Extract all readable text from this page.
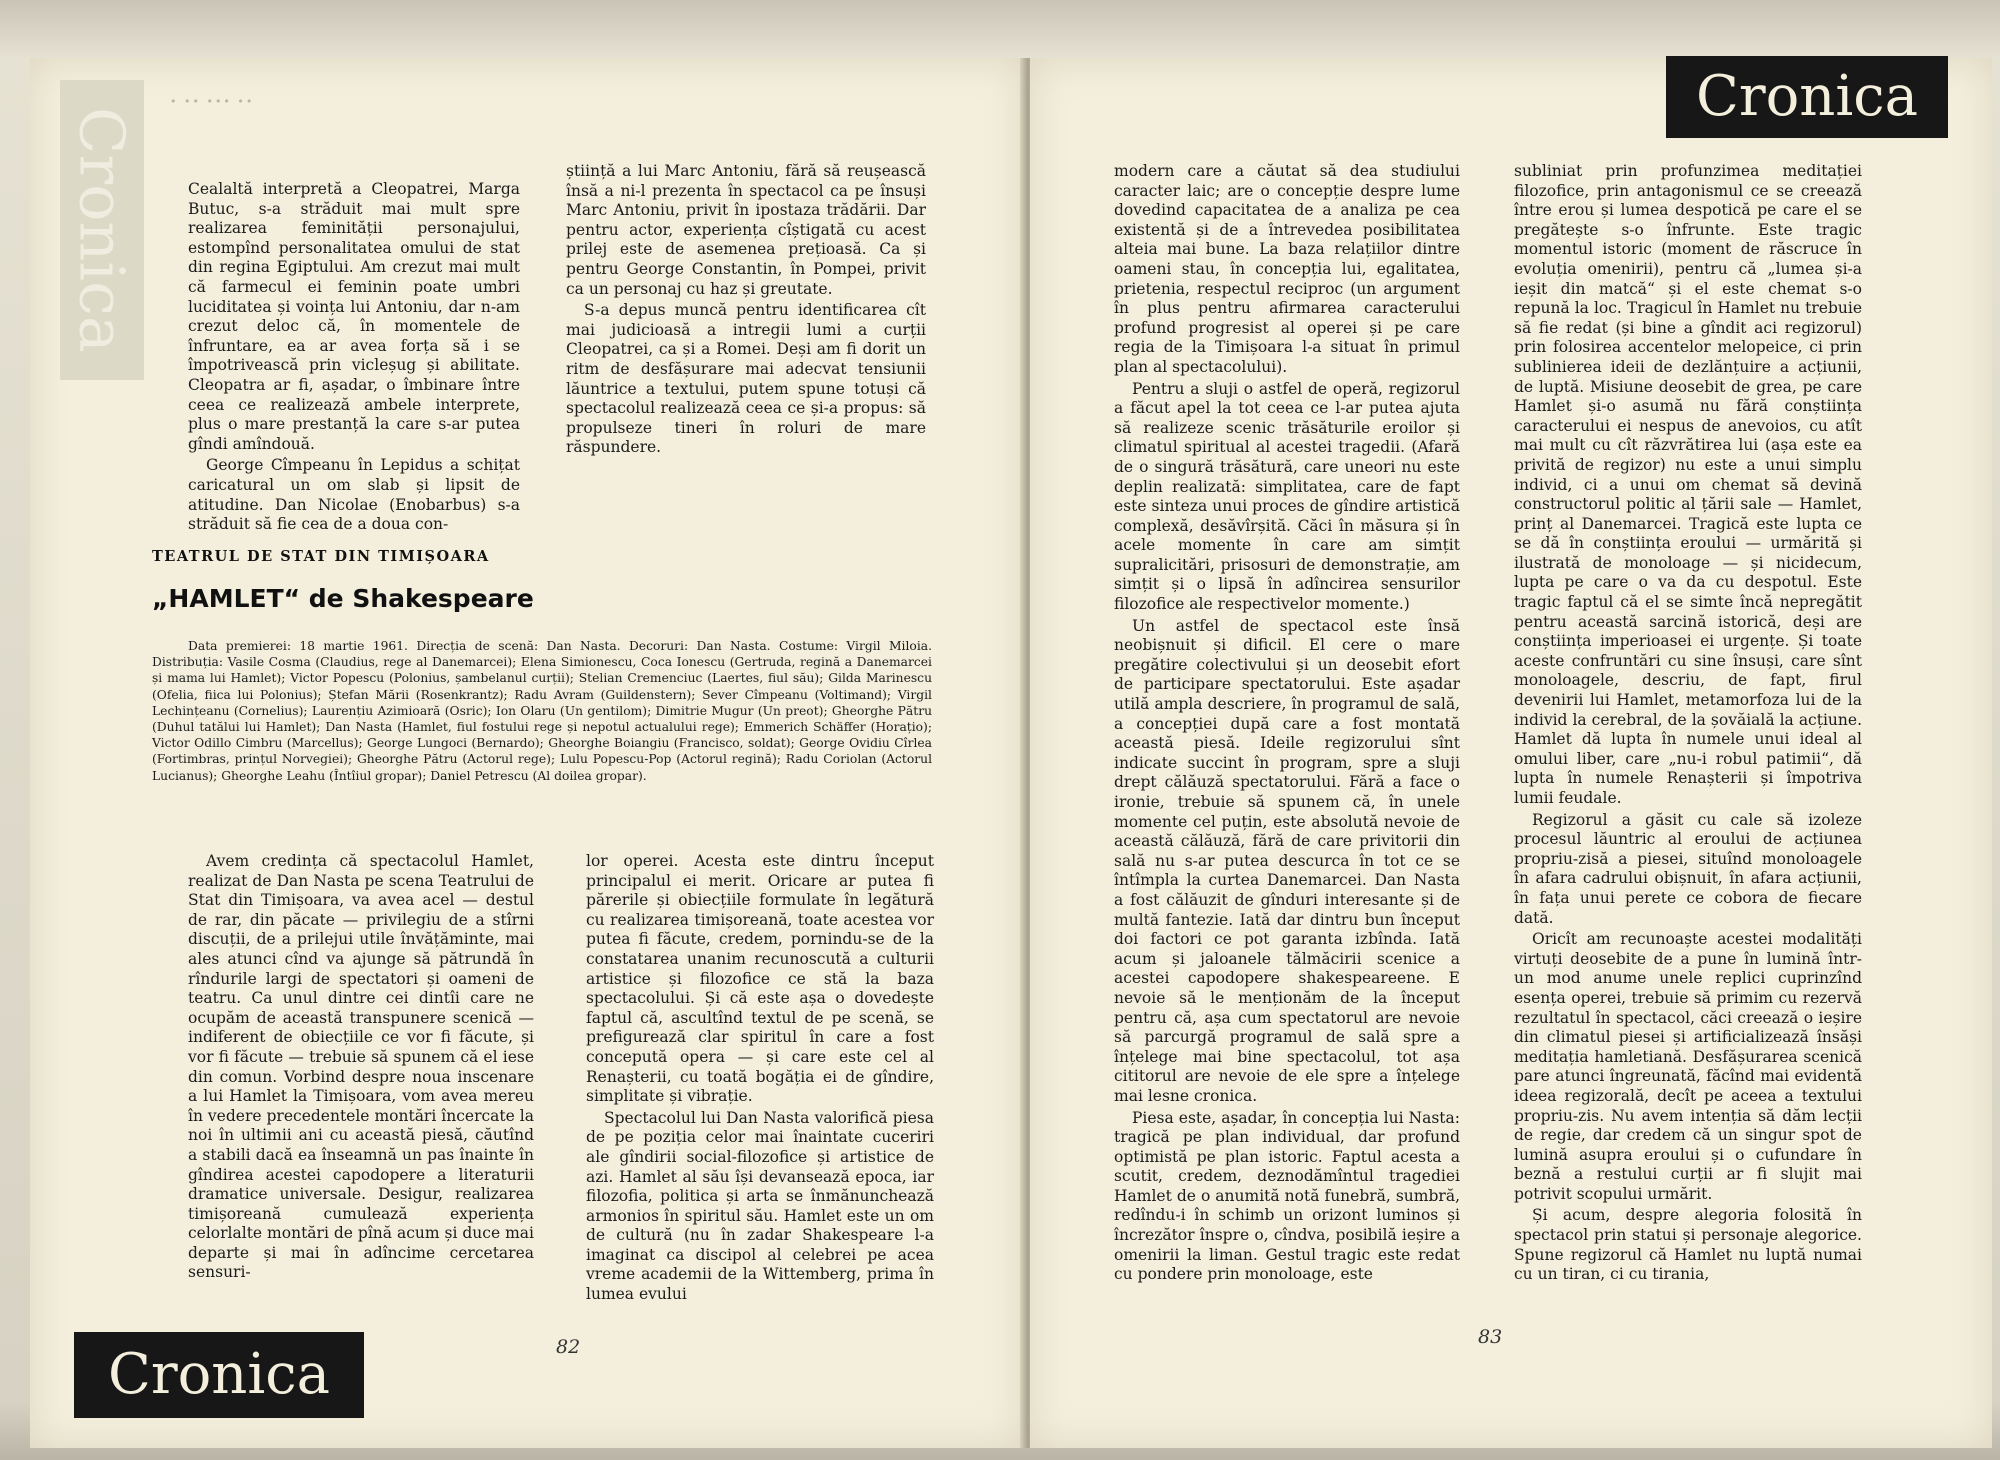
Cronica
• •• ••• ••

Cealaltă interpretă a Cleopatrei, Marga Butuc, s-a străduit mai mult spre realizarea feminității personajului, estompînd personalitatea omului de stat din regina Egiptului. Am crezut mai mult că farmecul ei feminin poate umbri luciditatea și voința lui Antoniu, dar n-am crezut deloc că, în momentele de înfruntare, ea ar avea forța să i se împotrivească prin vicleșug și abilitate. Cleopatra ar fi, așadar, o îmbinare între ceea ce realizează ambele interprete, plus o mare prestanță la care s-ar putea gîndi amîndouă.

George Cîmpeanu în Lepidus a schițat caricatural un om slab și lipsit de atitudine. Dan Nicolae (Enobarbus) s-a străduit să fie cea de a doua con-

știință a lui Marc Antoniu, fără să reușească însă a ni-l prezenta în spectacol ca pe însuși Marc Antoniu, privit în ipostaza trădării. Dar pentru actor, experiența cîștigată cu acest prilej este de asemenea prețioasă. Ca și pentru George Constantin, în Pompei, privit ca un personaj cu haz și greutate.

S-a depus muncă pentru identificarea cît mai judicioasă a intregii lumi a curții Cleopatrei, ca și a Romei. Deși am fi dorit un ritm de desfășurare mai adecvat tensiunii lăuntrice a textului, putem spune totuși că spectacolul realizează ceea ce și-a propus: să propulseze tineri în roluri de mare răspundere.

TEATRUL DE STAT DIN TIMIȘOARA
„HAMLET“ de Shakespeare
Data premierei: 18 martie 1961. Direcția de scenă: Dan Nasta. Decoruri: Dan Nasta. Costume: Virgil Miloia. Distribuția: Vasile Cosma (Claudius, rege al Danemarcei); Elena Simionescu, Coca Ionescu (Gertruda, regină a Danemarcei și mama lui Hamlet); Victor Popescu (Polonius, șambelanul curții); Stelian Cremenciuc (Laertes, fiul său); Gilda Marinescu (Ofelia, fiica lui Polonius); Ștefan Mării (Rosenkrantz); Radu Avram (Guildenstern); Sever Cîmpeanu (Voltimand); Virgil Lechințeanu (Cornelius); Laurențiu Azimioară (Osric); Ion Olaru (Un gentilom); Dimitrie Mugur (Un preot); Gheorghe Pătru (Duhul tatălui lui Hamlet); Dan Nasta (Hamlet, fiul fostului rege și nepotul actualului rege); Emmerich Schäffer (Horațio); Victor Odillo Cimbru (Marcellus); George Lungoci (Bernardo); Gheorghe Boiangiu (Francisco, soldat); George Ovidiu Cîrlea (Fortimbras, prințul Norvegiei); Gheorghe Pătru (Actorul rege); Lulu Popescu-Pop (Actorul regină); Radu Coriolan (Actorul Lucianus); Gheorghe Leahu (Întîiul gropar); Daniel Petrescu (Al doilea gropar).

Avem credința că spectacolul Hamlet, realizat de Dan Nasta pe scena Teatrului de Stat din Timișoara, va avea acel — destul de rar, din păcate — privilegiu de a stîrni discuții, de a prilejui utile învățăminte, mai ales atunci cînd va ajunge să pătrundă în rîndurile largi de spectatori și oameni de teatru. Ca unul dintre cei dintîi care ne ocupăm de această transpunere scenică — indiferent de obiecțiile ce vor fi făcute, și vor fi făcute — trebuie să spunem că el iese din comun. Vorbind despre noua inscenare a lui Hamlet la Timișoara, vom avea mereu în vedere precedentele montări încercate la noi în ultimii ani cu această piesă, căutînd a stabili dacă ea înseamnă un pas înainte în gîndirea acestei capodopere a literaturii dramatice universale. Desigur, realizarea timișoreană cumulează experiența celorlalte montări de pînă acum și duce mai departe și mai în adîncime cercetarea sensuri-

lor operei. Acesta este dintru început principalul ei merit. Oricare ar putea fi părerile și obiecțiile formulate în legătură cu realizarea timișoreană, toate acestea vor putea fi făcute, credem, pornindu-se de la constatarea unanim recunoscută a culturii artistice și filozofice ce stă la baza spectacolului. Și că este așa o dovedește faptul că, ascultînd textul de pe scenă, se prefigurează clar spiritul în care a fost concepută opera — și care este cel al Renașterii, cu toată bogăția ei de gîndire, simplitate și vibrație.

Spectacolul lui Dan Nasta valorifică piesa de pe poziția celor mai înaintate cuceriri ale gîndirii social-filozofice și artistice de azi. Hamlet al său își devansează epoca, iar filozofia, politica și arta se înmănunchează armonios în spiritul său. Hamlet este un om de cultură (nu în zadar Shakespeare l-a imaginat ca discipol al celebrei pe acea vreme academii de la Wittemberg, prima în lumea evului

82
Cronica

modern care a căutat să dea studiului caracter laic; are o concepție despre lume dovedind capacitatea de a analiza pe cea existentă și de a întrevedea posibilitatea alteia mai bune. La baza relațiilor dintre oameni stau, în concepția lui, egalitatea, prietenia, respectul reciproc (un argument în plus pentru afirmarea caracterului profund progresist al operei și pe care regia de la Timișoara l-a situat în primul plan al spectacolului).

Pentru a sluji o astfel de operă, regizorul a făcut apel la tot ceea ce l-ar putea ajuta să realizeze scenic trăsăturile eroilor și climatul spiritual al acestei tragedii. (Afară de o singură trăsătură, care uneori nu este deplin realizată: simplitatea, care de fapt este sinteza unui proces de gîndire artistică complexă, desăvîrșită. Căci în măsura și în acele momente în care am simțit supralicitări, prisosuri de demonstrație, am simțit și o lipsă în adîncirea sensurilor filozofice ale respectivelor momente.)

Un astfel de spectacol este însă neobișnuit și dificil. El cere o mare pregătire colectivului și un deosebit efort de participare spectatorului. Este așadar utilă ampla descriere, în programul de sală, a concepției după care a fost montată această piesă. Ideile regizorului sînt indicate succint în program, spre a sluji drept călăuză spectatorului. Fără a face o ironie, trebuie să spunem că, în unele momente cel puțin, este absolută nevoie de această călăuză, fără de care privitorii din sală nu s-ar putea descurca în tot ce se întîmpla la curtea Danemarcei. Dan Nasta a fost călăuzit de gînduri interesante și de multă fantezie. Iată dar dintru bun început doi factori ce pot garanta izbînda. Iată acum și jaloanele tălmăcirii scenice a acestei capodopere shakespeareene. E nevoie să le menționăm de la început pentru că, așa cum spectatorul are nevoie să parcurgă programul de sală spre a înțelege mai bine spectacolul, tot așa cititorul are nevoie de ele spre a înțelege mai lesne cronica.

Piesa este, așadar, în concepția lui Nasta: tragică pe plan individual, dar profund optimistă pe plan istoric. Faptul acesta a scutit, credem, deznodămîntul tragediei Hamlet de o anumită notă funebră, sumbră, redîndu-i în schimb un orizont luminos și încrezător înspre o, cîndva, posibilă ieșire a omenirii la liman. Gestul tragic este redat cu pondere prin monoloage, este

subliniat prin profunzimea meditației filozofice, prin antagonismul ce se creează între erou și lumea despotică pe care el se pregătește s-o înfrunte. Este tragic momentul istoric (moment de răscruce în evoluția omenirii), pentru că „lumea și-a ieșit din matcă“ și el este chemat s-o repună la loc. Tragicul în Hamlet nu trebuie să fie redat (și bine a gîndit aci regizorul) prin folosirea accentelor melopeice, ci prin sublinierea ideii de dezlănțuire a acțiunii, de luptă. Misiune deosebit de grea, pe care Hamlet și-o asumă nu fără conștiința caracterului ei nespus de anevoios, cu atît mai mult cu cît răzvrătirea lui (așa este ea privită de regizor) nu este a unui simplu individ, ci a unui om chemat să devină constructorul politic al țării sale — Hamlet, prinț al Danemarcei. Tragică este lupta ce se dă în conștiința eroului — urmărită și ilustrată de monoloage — și nicidecum, lupta pe care o va da cu despotul. Este tragic faptul că el se simte încă nepregătit pentru această sarcină istorică, deși are conștiința imperioasei ei urgențe. Și toate aceste confruntări cu sine însuși, care sînt monoloagele, descriu, de fapt, firul devenirii lui Hamlet, metamorfoza lui de la individ la cerebral, de la șovăială la acțiune. Hamlet dă lupta în numele unui ideal al omului liber, care „nu-i robul patimii“, dă lupta în numele Renașterii și împotriva lumii feudale.

Regizorul a găsit cu cale să izoleze procesul lăuntric al eroului de acțiunea propriu-zisă a piesei, situînd monoloagele în afara cadrului obișnuit, în afara acțiunii, în fața unui perete ce cobora de fiecare dată.

Oricît am recunoaște acestei modalități virtuți deosebite de a pune în lumină într-un mod anume unele replici cuprinzînd esența operei, trebuie să primim cu rezervă rezultatul în spectacol, căci creează o ieșire din climatul piesei și artificializează însăși meditația hamletiană. Desfășurarea scenică pare atunci îngreunată, făcînd mai evidentă ideea regizorală, decît pe aceea a textului propriu-zis. Nu avem intenția să dăm lecții de regie, dar credem că un singur spot de lumină asupra eroului și o cufundare în beznă a restului curții ar fi slujit mai potrivit scopului urmărit.

Și acum, despre alegoria folosită în spectacol prin statui și personaje alegorice. Spune regizorul că Hamlet nu luptă numai cu un tiran, ci cu tirania,

83
Cronica
